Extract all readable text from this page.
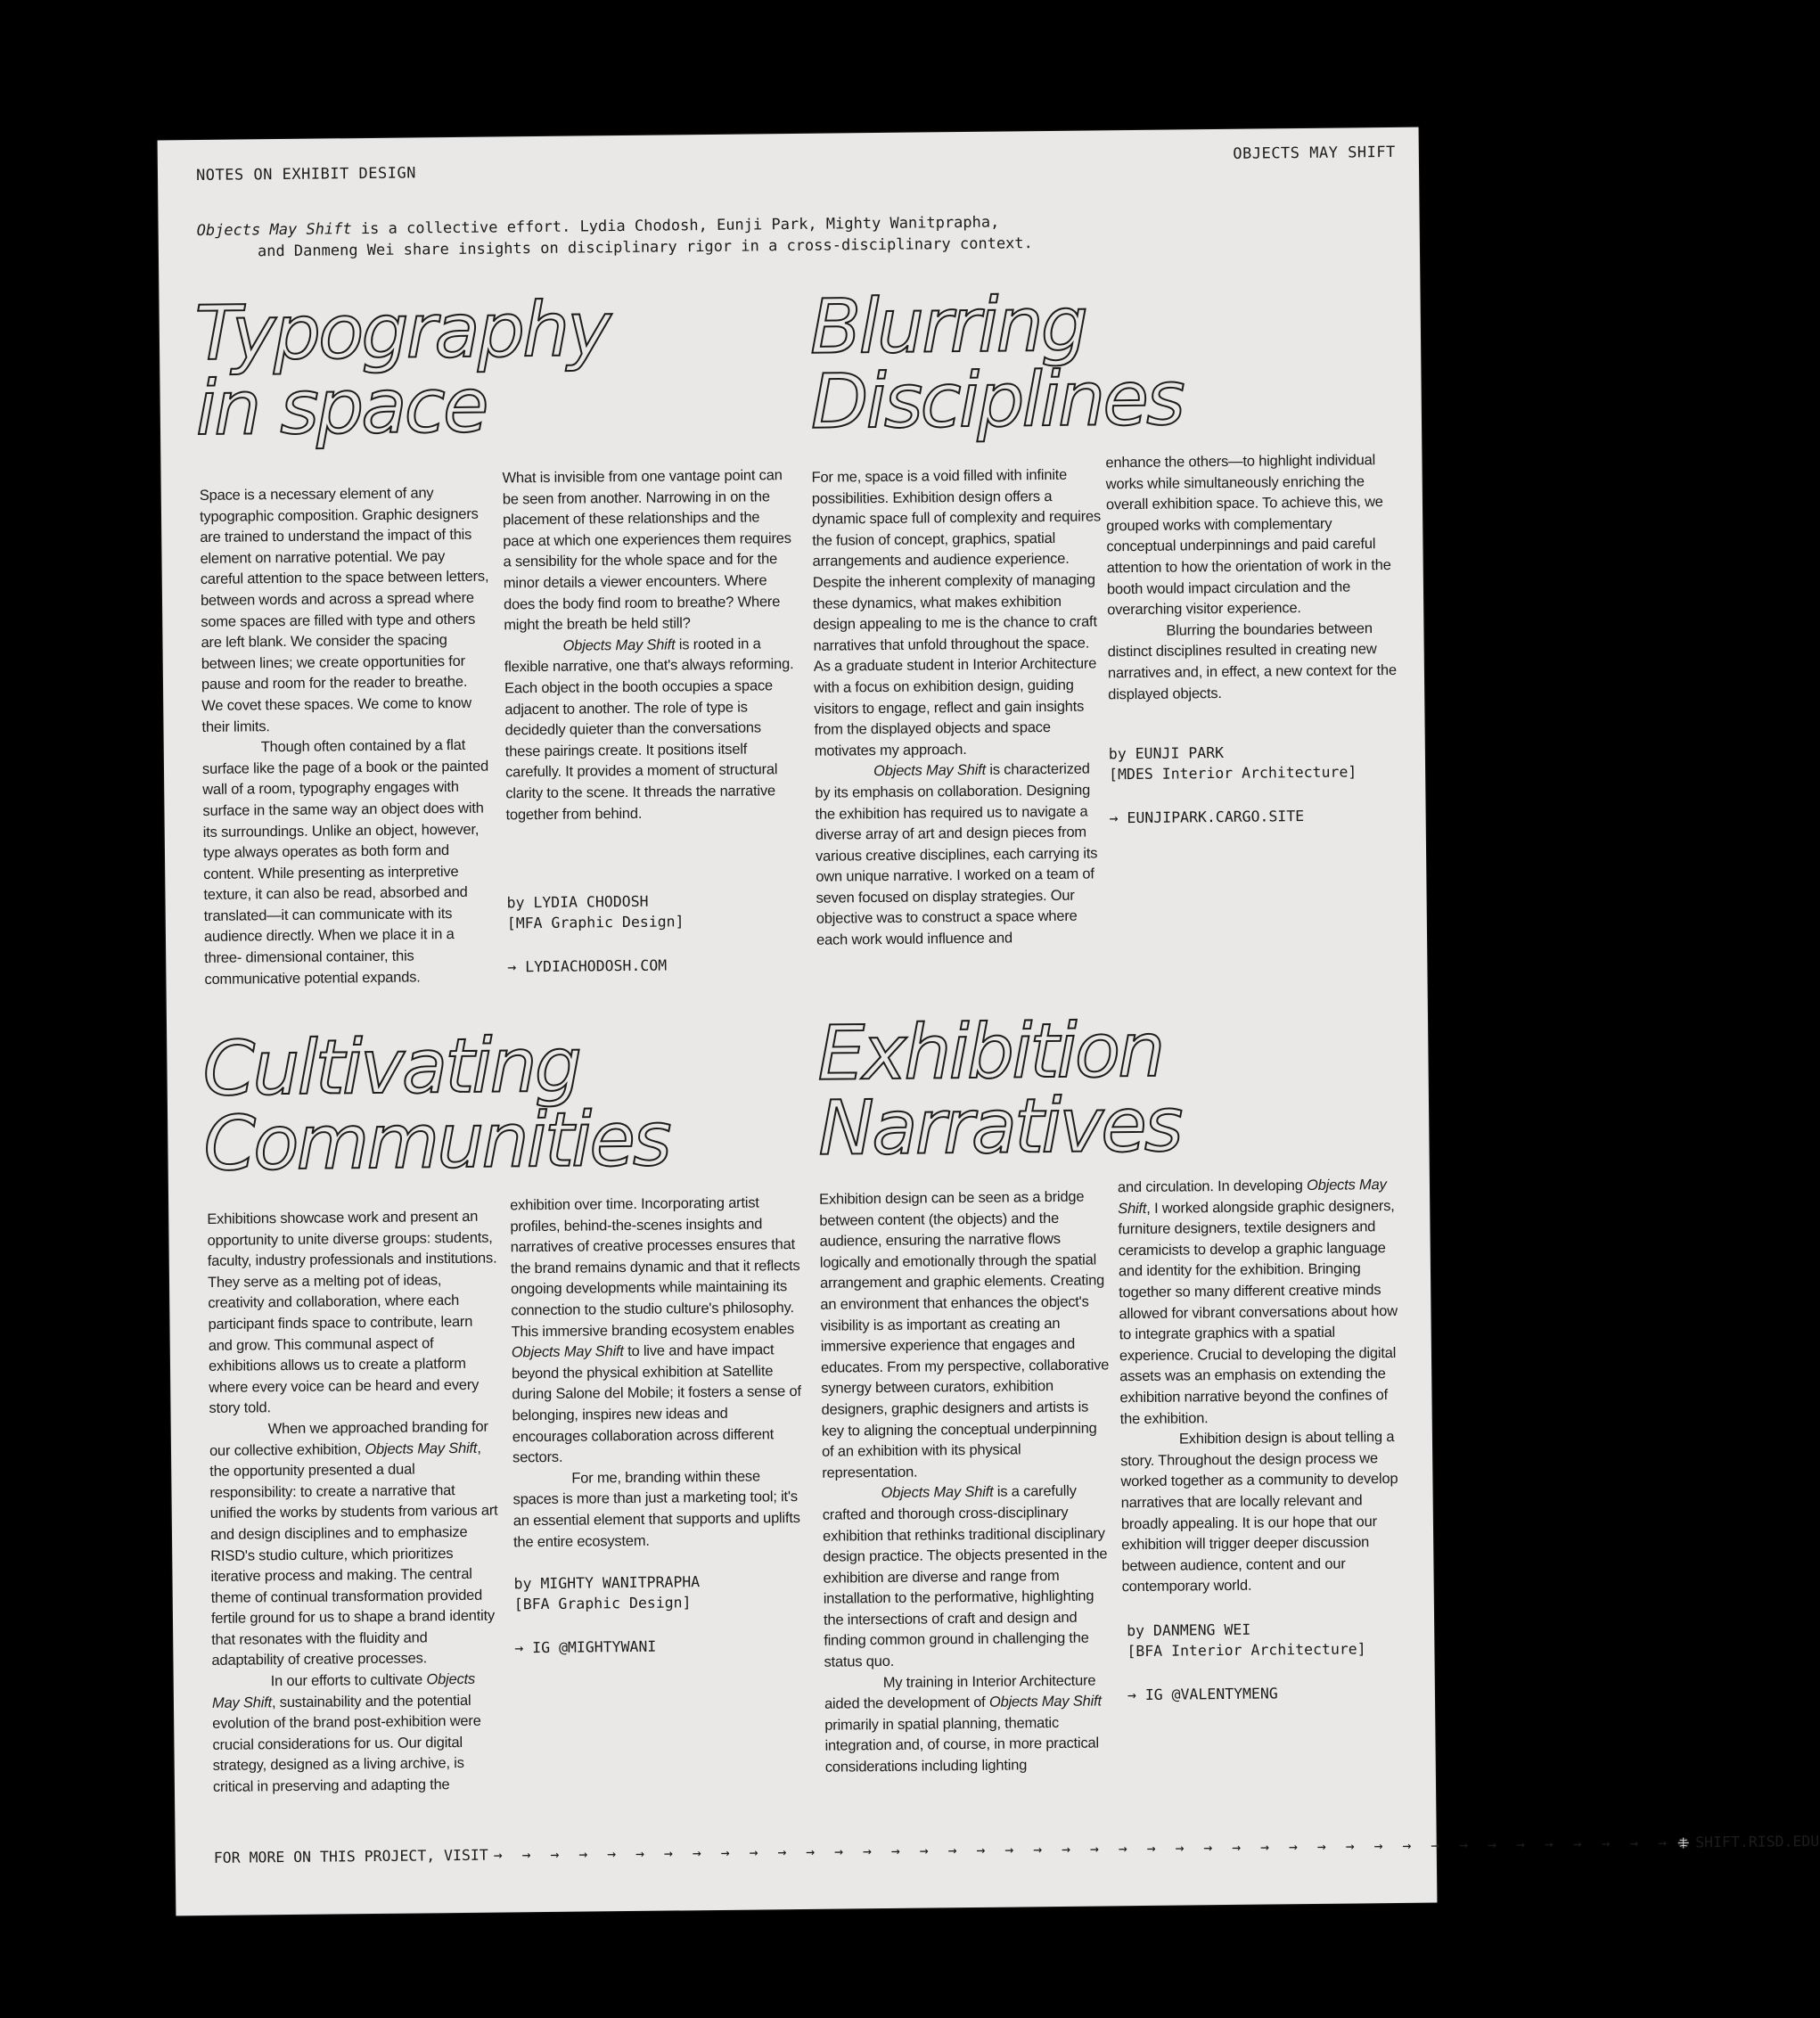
NOTES ON EXHIBIT DESIGN
OBJECTS MAY SHIFT
Objects May Shift is a collective effort. Lydia Chodosh, Eunji Park, Mighty Wanitprapha,
and Danmeng Wei share insights on disciplinary rigor in a cross-disciplinary context.
Typography
in space

Space is a necessary element of any typographic composition. Graphic designers are trained to understand the impact of this element on narrative potential. We pay careful attention to the space between letters, between words and across a spread where some spaces are filled with type and others are left blank. We consider the spacing between lines; we create opportunities for pause and room for the reader to breathe. We covet these spaces. We come to know their limits.

Though often contained by a flat surface like the page of a book or the painted wall of a room, typography engages with surface in the same way an object does with its surroundings. Unlike an object, however, type always operates as both form and content. While presenting as interpretive texture, it can also be read, absorbed and translated—it can communicate with its audience directly. When we place it in a three- dimensional container, this communicative potential expands.

What is invisible from one vantage point can be seen from another. Narrowing in on the placement of these relationships and the pace at which one experiences them requires a sensibility for the whole space and for the minor details a viewer encounters. Where does the body find room to breathe? Where might the breath be held still?

Objects May Shift is rooted in a flexible narrative, one that's always reforming. Each object in the booth occupies a space adjacent to another. The role of type is decidedly quieter than the conversations these pairings create. It positions itself carefully. It provides a moment of structural clarity to the scene. It threads the narrative together from behind.

by LYDIA CHODOSH
[MFA Graphic Design]
→ LYDIACHODOSH.COM
Blurring
Disciplines

For me, space is a void filled with infinite possibilities. Exhibition design offers a dynamic space full of complexity and requires the fusion of concept, graphics, spatial arrangements and audience experience. Despite the inherent complexity of managing these dynamics, what makes exhibition design appealing to me is the chance to craft narratives that unfold throughout the space. As a graduate student in Interior Architecture with a focus on exhibition design, guiding visitors to engage, reflect and gain insights from the displayed objects and space motivates my approach.

Objects May Shift is characterized by its emphasis on collaboration. Designing the exhibition has required us to navigate a diverse array of art and design pieces from various creative disciplines, each carrying its own unique narrative. I worked on a team of seven focused on display strategies. Our objective was to construct a space where each work would influence and

enhance the others—to highlight individual works while simultaneously enriching the overall exhibition space. To achieve this, we grouped works with complementary conceptual underpinnings and paid careful attention to how the orientation of work in the booth would impact circulation and the overarching visitor experience.

Blurring the boundaries between distinct disciplines resulted in creating new narratives and, in effect, a new context for the displayed objects.

by EUNJI PARK
[MDES Interior Architecture]
→ EUNJIPARK.CARGO.SITE
Cultivating
Communities

Exhibitions showcase work and present an opportunity to unite diverse groups: students, faculty, industry professionals and institutions. They serve as a melting pot of ideas, creativity and collaboration, where each participant finds space to contribute, learn and grow. This communal aspect of exhibitions allows us to create a platform where every voice can be heard and every story told.

When we approached branding for our collective exhibition, Objects May Shift, the opportunity presented a dual responsibility: to create a narrative that unified the works by students from various art and design disciplines and to emphasize RISD's studio culture, which prioritizes iterative process and making. The central theme of continual transformation provided fertile ground for us to shape a brand identity that resonates with the fluidity and adaptability of creative processes.

In our efforts to cultivate Objects May Shift, sustainability and the potential evolution of the brand post-exhibition were crucial considerations for us. Our digital strategy, designed as a living archive, is critical in preserving and adapting the

exhibition over time. Incorporating artist profiles, behind-the-scenes insights and narratives of creative processes ensures that the brand remains dynamic and that it reflects ongoing developments while maintaining its connection to the studio culture's philosophy. This immersive branding ecosystem enables Objects May Shift to live and have impact beyond the physical exhibition at Satellite during Salone del Mobile; it fosters a sense of belonging, inspires new ideas and encourages collaboration across different sectors.

For me, branding within these spaces is more than just a marketing tool; it's an essential element that supports and uplifts the entire ecosystem.

by MIGHTY WANITPRAPHA
[BFA Graphic Design]
→ IG @MIGHTYWANI
Exhibition
Narratives

Exhibition design can be seen as a bridge between content (the objects) and the audience, ensuring the narrative flows logically and emotionally through the spatial arrangement and graphic elements. Creating an environment that enhances the object's visibility is as important as creating an immersive experience that engages and educates. From my perspective, collaborative synergy between curators, exhibition designers, graphic designers and artists is key to aligning the conceptual underpinning of an exhibition with its physical representation.

Objects May Shift is a carefully crafted and thorough cross-disciplinary exhibition that rethinks traditional disciplinary design practice. The objects presented in the exhibition are diverse and range from installation to the performative, highlighting the intersections of craft and design and finding common ground in challenging the status quo.

My training in Interior Architecture aided the development of Objects May Shift primarily in spatial planning, thematic integration and, of course, in more practical considerations including lighting

and circulation. In developing Objects May Shift, I worked alongside graphic designers, furniture designers, textile designers and ceramicists to develop a graphic language and identity for the exhibition. Bringing together so many different creative minds allowed for vibrant conversations about how to integrate graphics with a spatial experience. Crucial to developing the digital assets was an emphasis on extending the exhibition narrative beyond the confines of the exhibition.

Exhibition design is about telling a story. Throughout the design process we worked together as a community to develop narratives that are locally relevant and broadly appealing. It is our hope that our exhibition will trigger deeper discussion between audience, content and our contemporary world.

by DANMENG WEI
[BFA Interior Architecture]
→ IG @VALENTYMENG
FOR MORE ON THIS PROJECT, VISIT → → → → → → → → → → → → → → → → → → → → → → → → → → → → → → → → → → → → → → → → → →	SHIFT.RISD.EDU
